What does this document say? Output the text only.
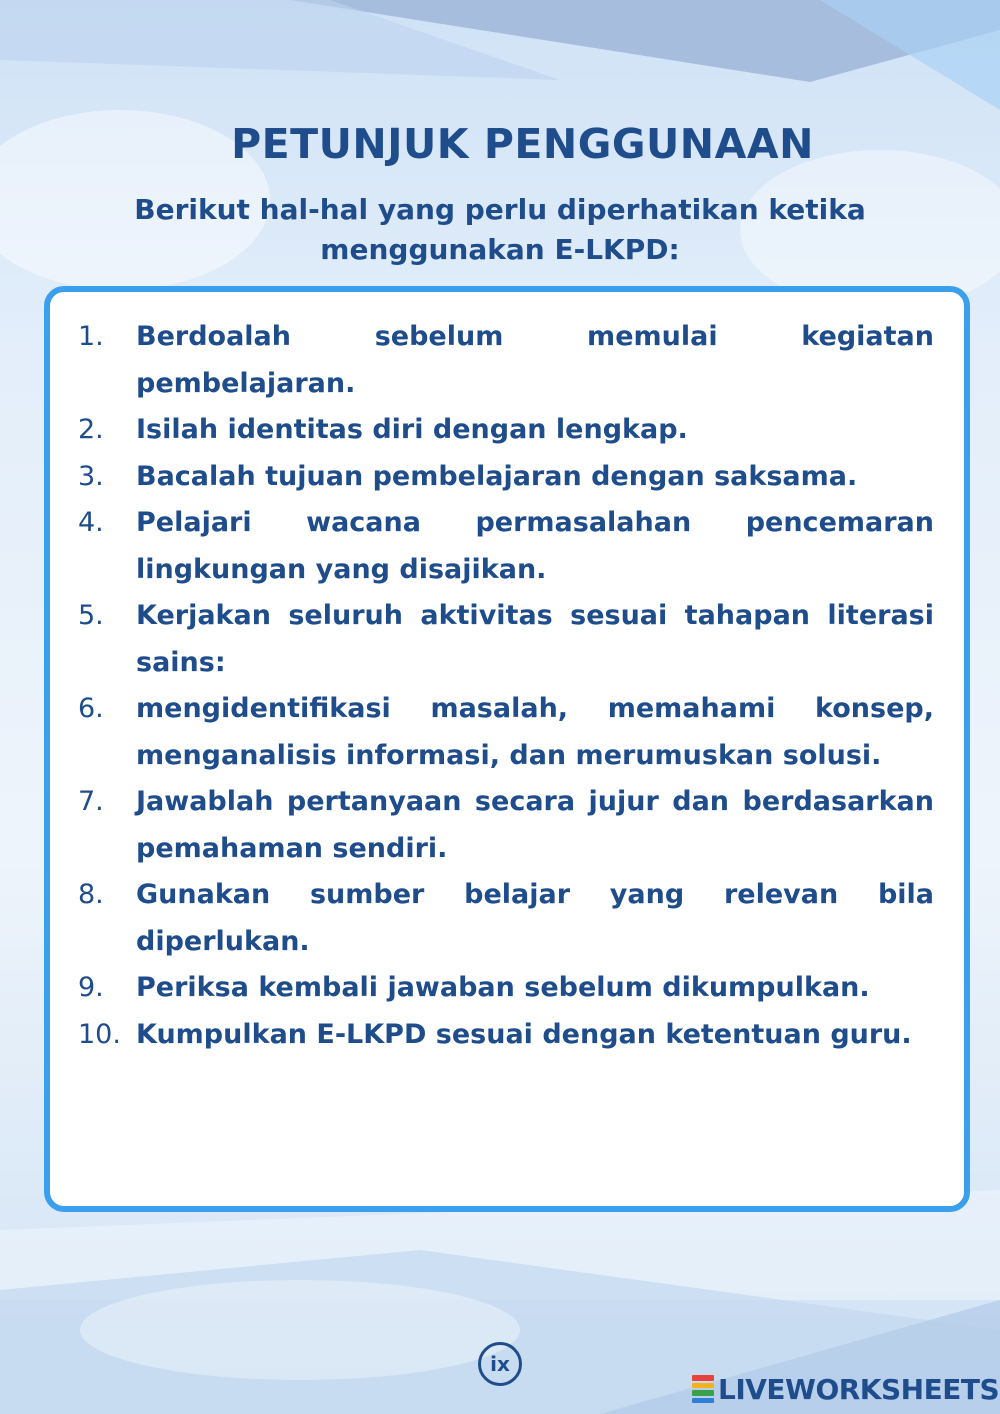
PETUNJUK PENGGUNAAN
Berikut hal-hal yang perlu diperhatikan ketika menggunakan E-LKPD:
1.	Berdoalah sebelum memulai kegiatan pembelajaran.
2.	Isilah identitas diri dengan lengkap.
3.	Bacalah tujuan pembelajaran dengan saksama.
4.	Pelajari wacana permasalahan pencemaran lingkungan yang disajikan.
5.	Kerjakan seluruh aktivitas sesuai tahapan literasi sains:
6.	mengidentifikasi masalah, memahami konsep, menganalisis informasi, dan merumuskan solusi.
7.	Jawablah pertanyaan secara jujur dan berdasarkan pemahaman sendiri.
8.	Gunakan sumber belajar yang relevan bila diperlukan.
9.	Periksa kembali jawaban sebelum dikumpulkan.
10. Kumpulkan E-LKPD sesuai dengan ketentuan guru.
ix
LIVEWORKSHEETS
